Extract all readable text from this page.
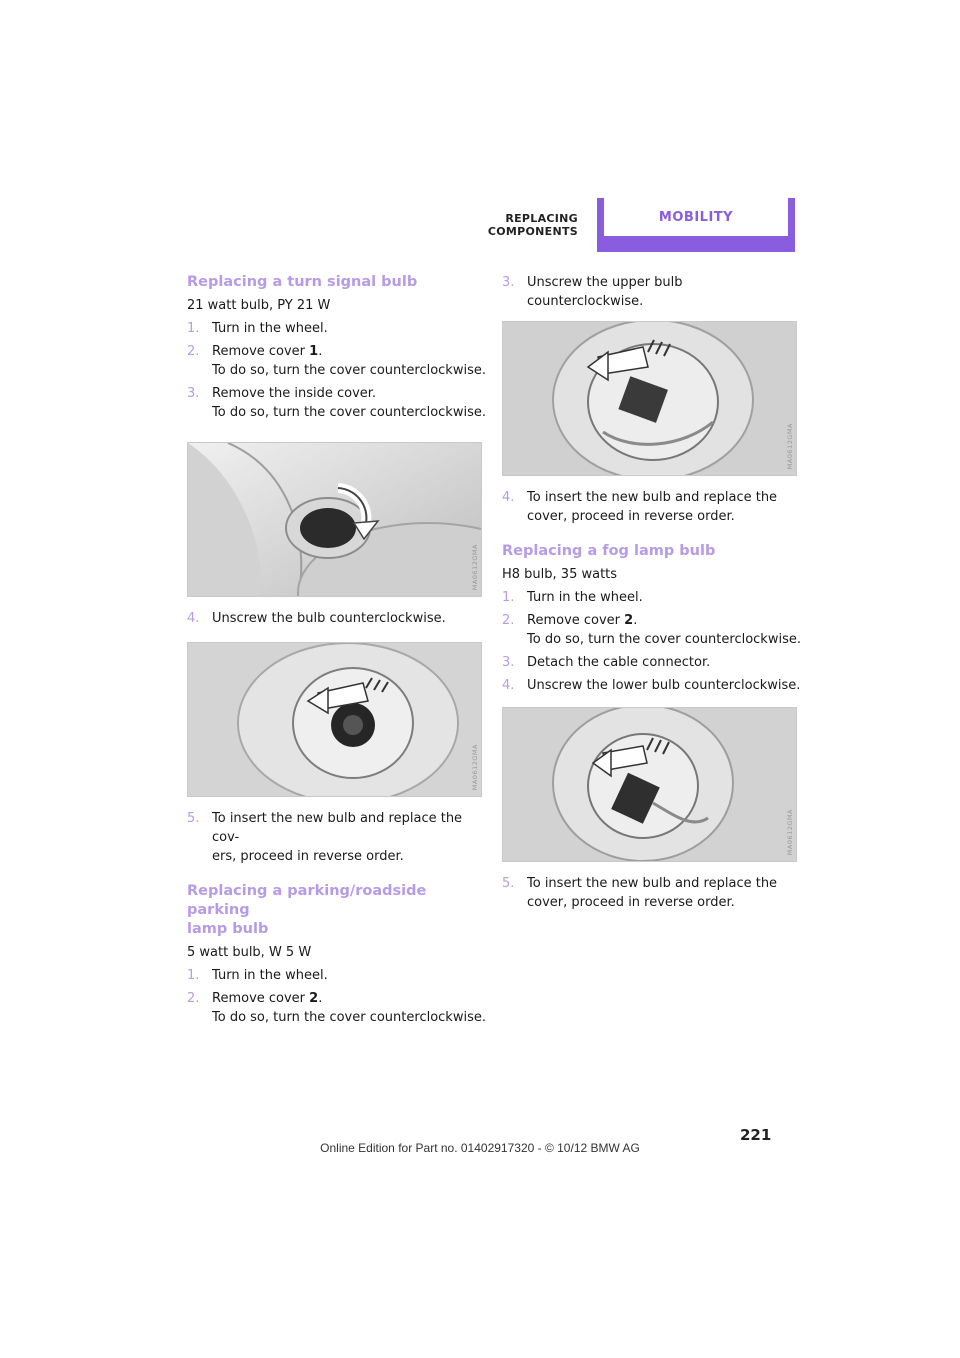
REPLACING COMPONENTS
MOBILITY
Replacing a turn signal bulb
21 watt bulb, PY 21 W
1. Turn in the wheel.
2. Remove cover 1.
To do so, turn the cover counterclockwise.
3. Remove the inside cover.
To do so, turn the cover counterclockwise.
MA0612GMA
4. Unscrew the bulb counterclockwise.
MA0612GMA
5. To insert the new bulb and replace the cov-
ers, proceed in reverse order.
Replacing a parking/roadside parking
lamp bulb
5 watt bulb, W 5 W
1. Turn in the wheel.
2. Remove cover 2.
To do so, turn the cover counterclockwise.
3. Unscrew the upper bulb counterclockwise.
MA0612GMA
4. To insert the new bulb and replace the
cover, proceed in reverse order.
Replacing a fog lamp bulb
H8 bulb, 35 watts
1. Turn in the wheel.
2. Remove cover 2.
To do so, turn the cover counterclockwise.
3. Detach the cable connector.
4. Unscrew the lower bulb counterclockwise.
MA0612GMA
5. To insert the new bulb and replace the
cover, proceed in reverse order.
221
Online Edition for Part no. 01402917320 - © 10/12 BMW AG
